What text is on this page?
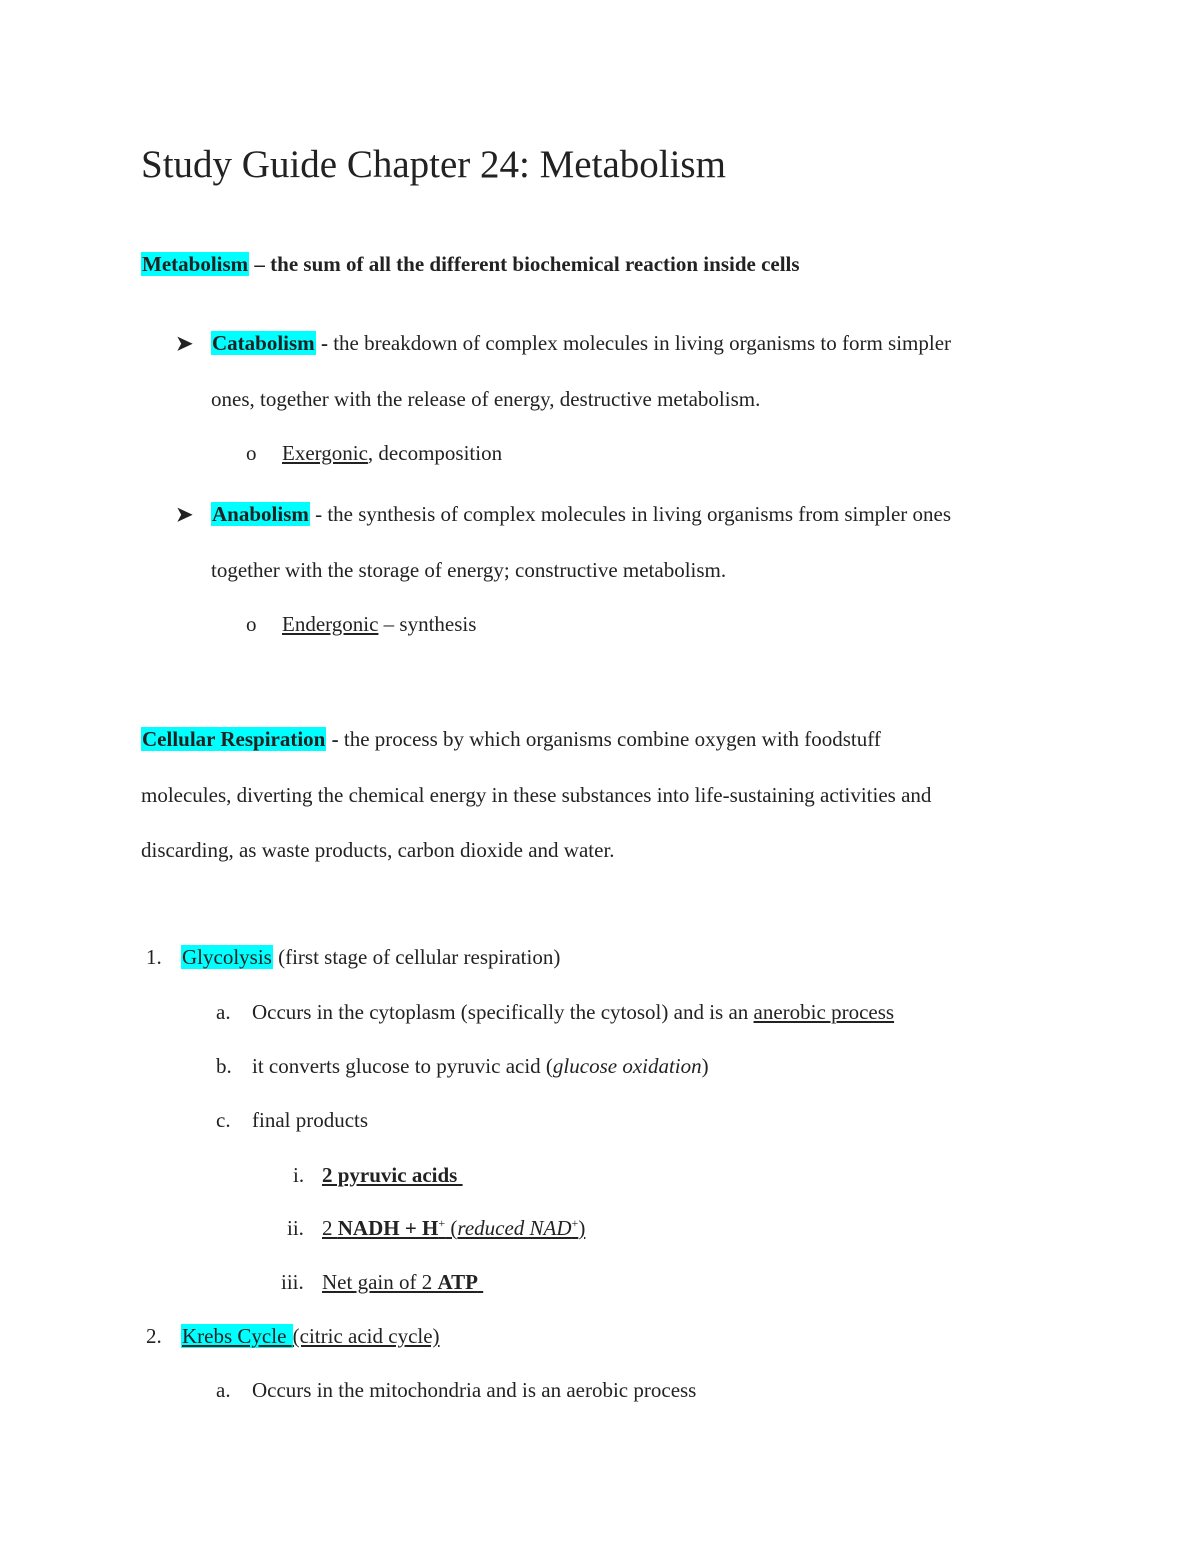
Study Guide Chapter 24: Metabolism
Metabolism – the sum of all the different biochemical reaction inside cells
➤ Catabolism - the breakdown of complex molecules in living organisms to form simpler
ones, together with the release of energy, destructive metabolism.
o Exergonic, decomposition
➤ Anabolism - the synthesis of complex molecules in living organisms from simpler ones
together with the storage of energy; constructive metabolism.
o Endergonic – synthesis
Cellular Respiration - the process by which organisms combine oxygen with foodstuff
molecules, diverting the chemical energy in these substances into life-sustaining activities and
discarding, as waste products, carbon dioxide and water.
1. Glycolysis (first stage of cellular respiration)
a. Occurs in the cytoplasm (specifically the cytosol) and is an anerobic process
b. it converts glucose to pyruvic acid (glucose oxidation)
c. final products
i. 2 pyruvic acids
ii. 2 NADH + H+ (reduced NAD+)
iii. Net gain of 2 ATP
2. Krebs Cycle (citric acid cycle)
a. Occurs in the mitochondria and is an aerobic process
